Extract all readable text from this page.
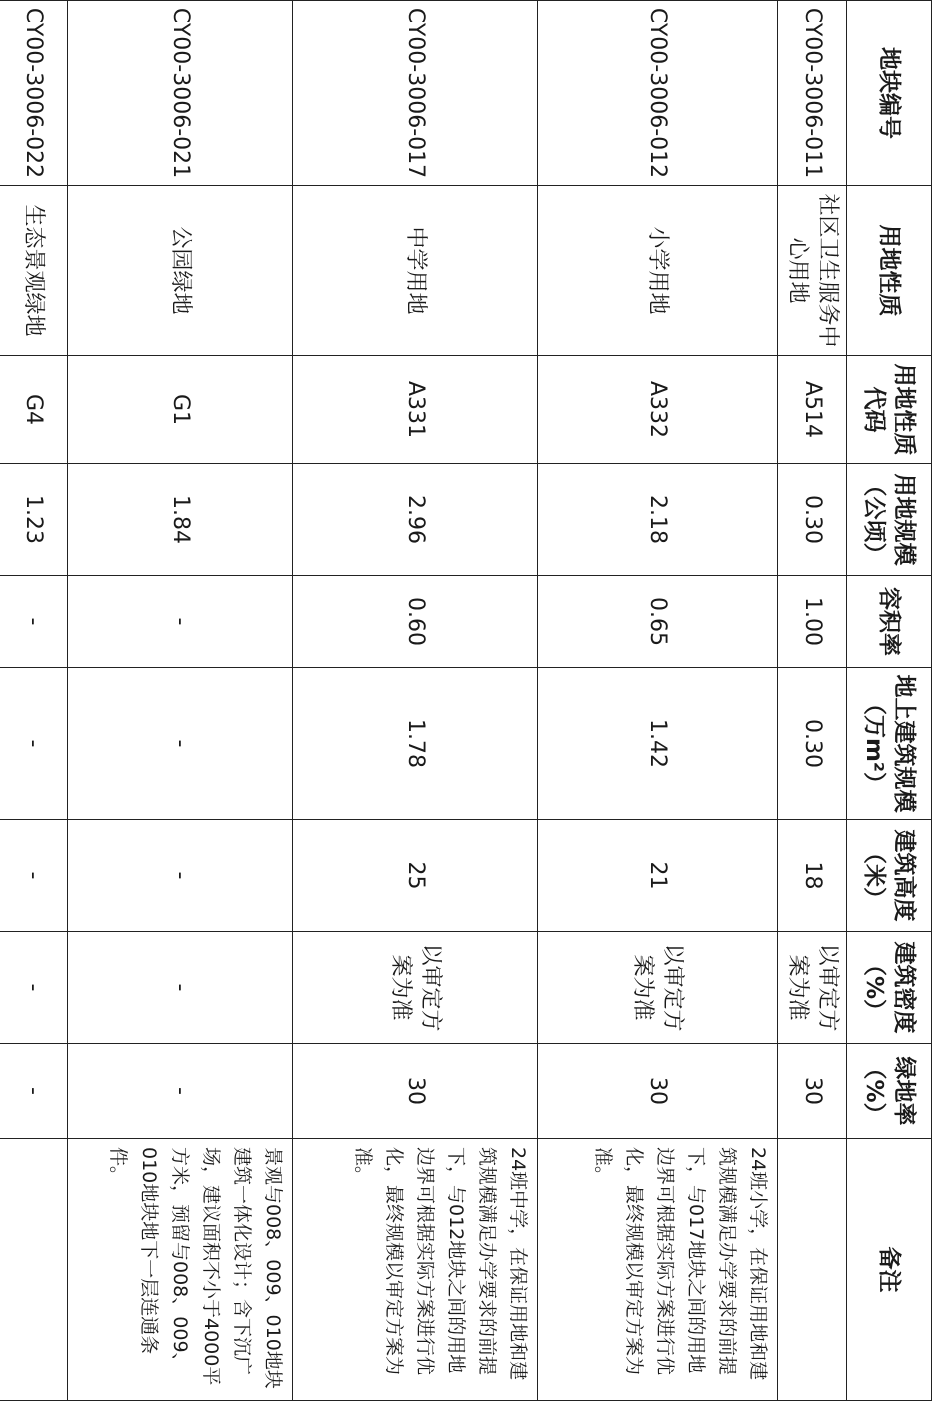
地块编号	用地性质	用地性质代码	用地规模（公顷）	容积率	地上建筑规模（万m²）	建筑高度（米）	建筑密度（%）	绿地率（%）	备注
CY00-3006-011	社区卫生服务中心用地	A514	0.30	1.00	0.30	18	以审定方案为准	30	
CY00-3006-012	小学用地	A332	2.18	0.65	1.42	21	以审定方案为准	30	24班小学，在保证用地和建筑规模满足办学要求的前提下，与017地块之间的用地边界可根据实际方案进行优化，最终规模以审定方案为准。
CY00-3006-017	中学用地	A331	2.96	0.60	1.78	25	以审定方案为准	30	24班中学，在保证用地和建筑规模满足办学要求的前提下，与012地块之间的用地边界可根据实际方案进行优化，最终规模以审定方案为准。
CY00-3006-021	公园绿地	G1	1.84	-	-	-	-	-	景观与008、009、010地块建筑一体化设计；含下沉广场，建议面积不小于4000平方米，预留与008、009、010地块地下一层连通条件。
CY00-3006-022	生态景观绿地	G4	1.23	-	-	-	-	-	
